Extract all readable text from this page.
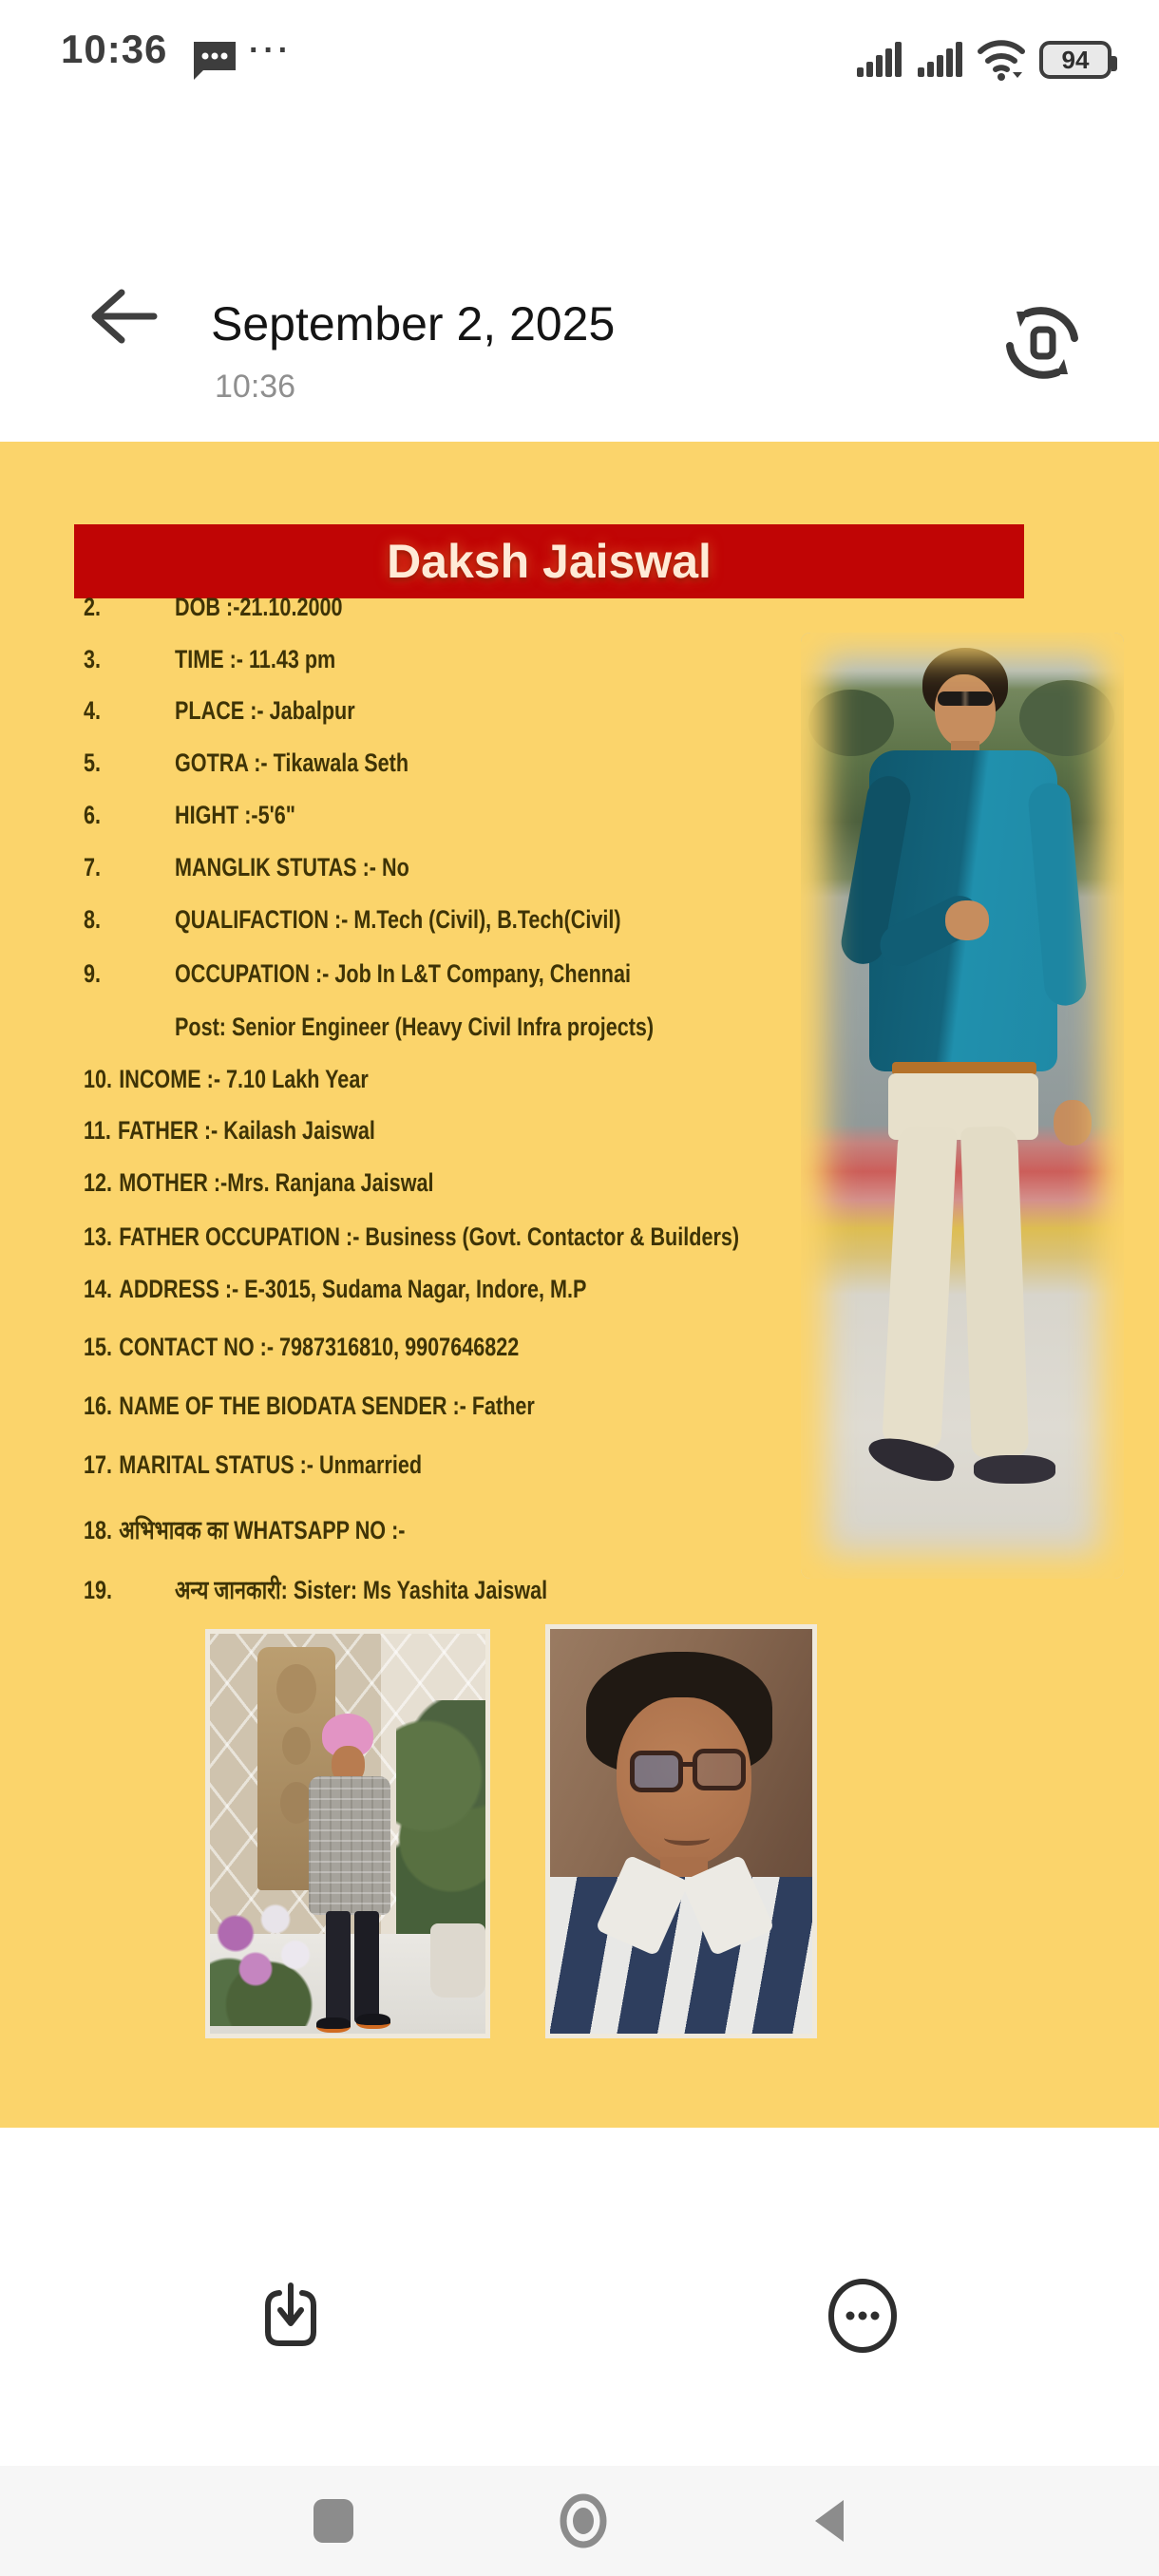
10:36	···	94
September 2, 2025
10:36
Daksh Jaiswal
2.	DOB :-21.10.2000
3.	TIME :- 11.43 pm
4.	PLACE :- Jabalpur
5.	GOTRA :- Tikawala Seth
6.	HIGHT :-5'6"
7.	MANGLIK STUTAS :- No
8.	QUALIFACTION :- M.Tech (Civil), B.Tech(Civil)
9.	OCCUPATION :- Job In L&T Company, Chennai
Post: Senior Engineer (Heavy Civil Infra projects)
10. INCOME :- 7.10 Lakh Year
11. FATHER :- Kailash Jaiswal
12. MOTHER :-Mrs. Ranjana Jaiswal
13. FATHER OCCUPATION :- Business (Govt. Contactor & Builders)
14. ADDRESS :- E-3015, Sudama Nagar, Indore, M.P
15. CONTACT NO :- 7987316810, 9907646822
16. NAME OF THE BIODATA SENDER :- Father
17. MARITAL STATUS :- Unmarried
18. अभिभावक का WHATSAPP NO :-
19. अन्य जानकारी: Sister: Ms Yashita Jaiswal
